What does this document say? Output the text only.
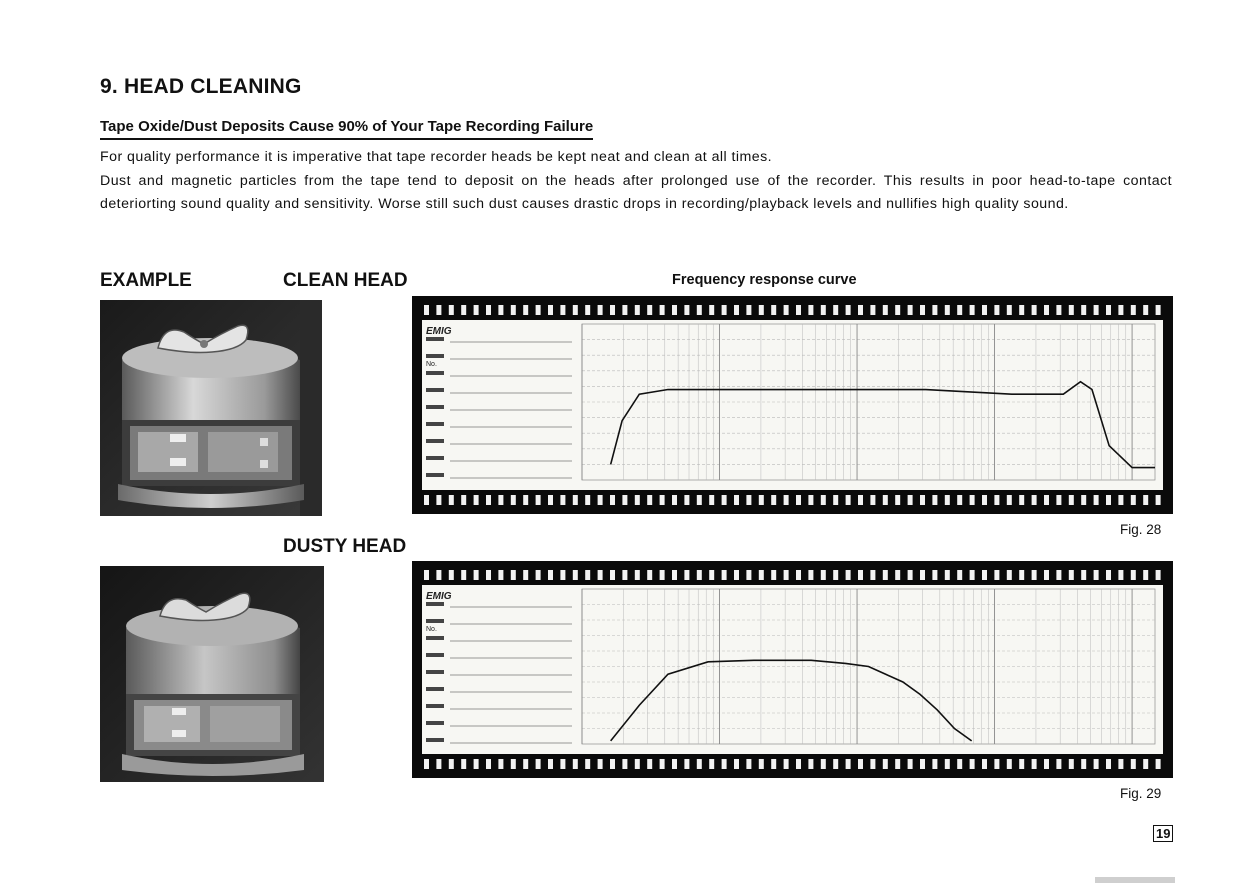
9. HEAD CLEANING
Tape Oxide/Dust Deposits Cause 90% of Your Tape Recording Failure

For quality performance it is imperative that tape recorder heads be kept neat and clean at all times.

Dust and magnetic particles from the tape tend to deposit on the heads after prolonged use of the recorder. This results in poor head-to-tape contact deteriorting sound quality and sensitivity. Worse still such dust causes drastic drops in recording/playback levels and nullifies high quality sound.

EXAMPLE	CLEAN HEAD	Frequency response curve
DUSTY HEAD
EMIG
No.
EMIG
No.
Fig. 28
Fig. 29
19
